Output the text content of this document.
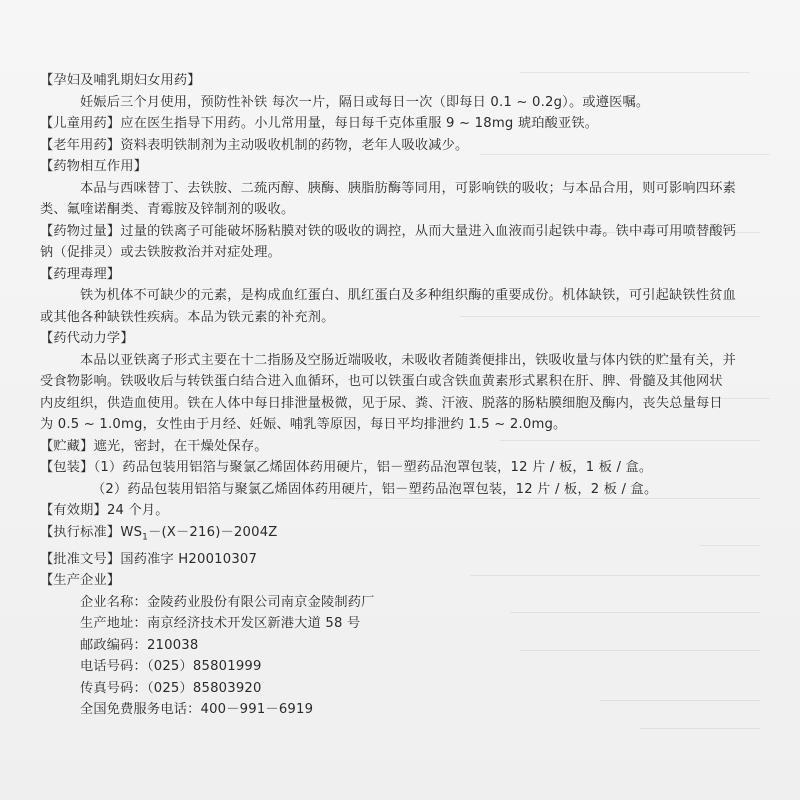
【孕妇及哺乳期妇女用药】
妊娠后三个月使用，预防性补铁 每次一片，隔日或每日一次（即每日 0.1 ~ 0.2g）。或遵医嘱。
【儿童用药】应在医生指导下用药。小儿常用量，每日每千克体重服 9 ~ 18mg 琥珀酸亚铁。
【老年用药】资料表明铁制剂为主动吸收机制的药物，老年人吸收减少。
【药物相互作用】
本品与西咪替丁、去铁胺、二巯丙醇、胰酶、胰脂肪酶等同用，可影响铁的吸收；与本品合用，则可影响四环素
类、氟喹诺酮类、青霉胺及锌制剂的吸收。
【药物过量】过量的铁离子可能破坏肠粘膜对铁的吸收的调控，从而大量进入血液而引起铁中毒。铁中毒可用喷替酸钙
钠（促排灵）或去铁胺救治并对症处理。
【药理毒理】
铁为机体不可缺少的元素，是构成血红蛋白、肌红蛋白及多种组织酶的重要成份。机体缺铁，可引起缺铁性贫血
或其他各种缺铁性疾病。本品为铁元素的补充剂。
【药代动力学】
本品以亚铁离子形式主要在十二指肠及空肠近端吸收，未吸收者随粪便排出，铁吸收量与体内铁的贮量有关，并
受食物影响。铁吸收后与转铁蛋白结合进入血循环，也可以铁蛋白或含铁血黄素形式累积在肝、脾、骨髓及其他网状
内皮组织，供造血使用。铁在人体中每日排泄量极微，见于尿、粪、汗液、脱落的肠粘膜细胞及酶内，丧失总量每日
为 0.5 ~ 1.0mg，女性由于月经、妊娠、哺乳等原因，每日平均排泄约 1.5 ~ 2.0mg。
【贮藏】遮光，密封，在干燥处保存。
【包装】（1）药品包装用铝箔与聚氯乙烯固体药用硬片，铝－塑药品泡罩包装，12 片 / 板，1 板 / 盒。
（2）药品包装用铝箔与聚氯乙烯固体药用硬片，铝－塑药品泡罩包装，12 片 / 板，2 板 / 盒。
【有效期】24 个月。
【执行标准】$WS_1-(X-216)-2004Z$
【批准文号】国药准字 H20010307
【生产企业】
企业名称：金陵药业股份有限公司南京金陵制药厂
生产地址：南京经济技术开发区新港大道 58 号
邮政编码：210038
电话号码：（025）85801999
传真号码：（025）85803920
全国免费服务电话：400－991－6919
